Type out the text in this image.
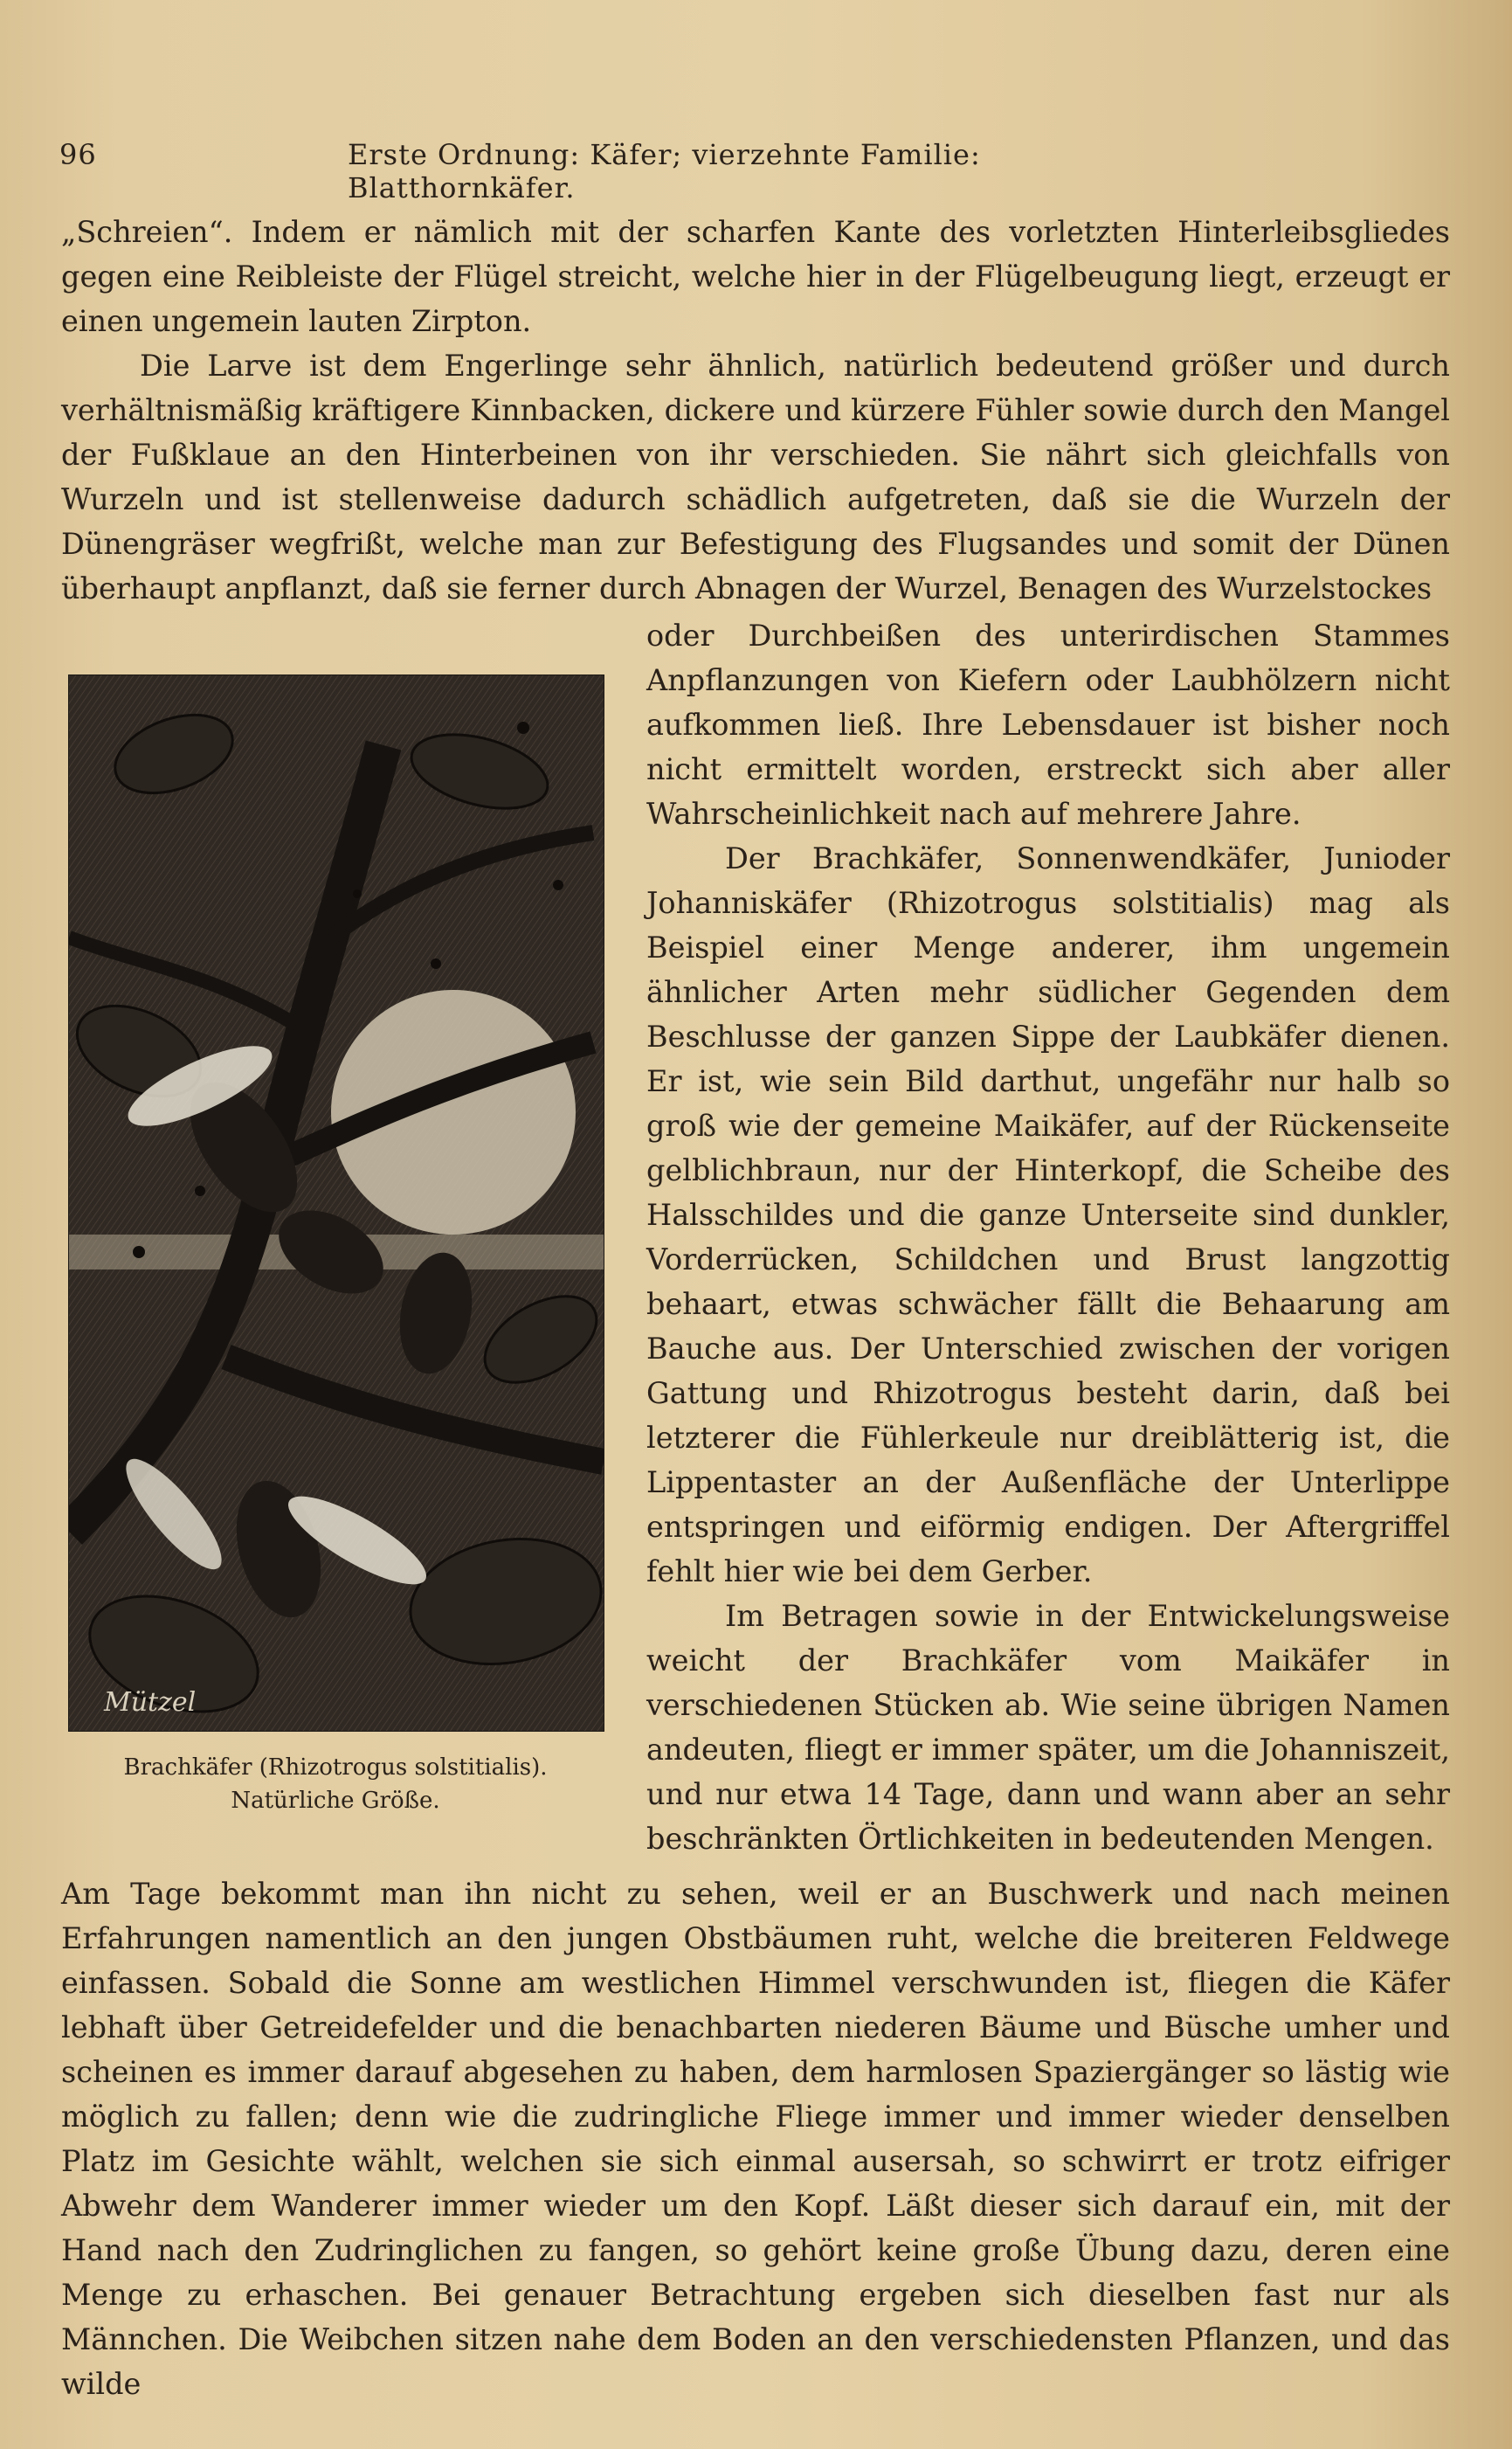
96	Erste Ordnung: Käfer; vierzehnte Familie: Blatthornkäfer.

„Schreien“. Indem er nämlich mit der scharfen Kante des vorletzten Hinterleibsgliedes gegen eine Reibleiste der Flügel streicht, welche hier in der Flügelbeugung liegt, erzeugt er einen ungemein lauten Zirpton.
Die Larve ist dem Engerlinge sehr ähnlich, natürlich bedeutend größer und durch verhältnismäßig kräftigere Kinnbacken, dickere und kürzere Fühler sowie durch den Mangel der Fußklaue an den Hinterbeinen von ihr verschieden. Sie nährt sich gleichfalls von Wurzeln und ist stellenweise dadurch schädlich aufgetreten, daß sie die Wurzeln der Dünengräser wegfrißt, welche man zur Befestigung des Flugsandes und somit der Dünen überhaupt anpflanzt, daß sie ferner durch Abnagen der Wurzel, Benagen des Wurzelstockes

oder Durchbeißen des unterirdischen Stammes Anpflanzungen von Kiefern oder Laubhölzern nicht aufkommen ließ. Ihre Lebensdauer ist bisher noch nicht ermittelt worden, erstreckt sich aber aller Wahrscheinlichkeit nach auf mehrere Jahre.

Der Brachkäfer, Sonnenwendkäfer, Junioder Johanniskäfer (Rhizotrogus solstitialis) mag als Beispiel einer Menge anderer, ihm ungemein ähnlicher Arten mehr südlicher Gegenden dem Beschlusse der ganzen Sippe der Laubkäfer dienen. Er ist, wie sein Bild darthut, ungefähr nur halb so groß wie der gemeine Maikäfer, auf der Rückenseite gelblichbraun, nur der Hinterkopf, die Scheibe des Halsschildes und die ganze Unterseite sind dunkler, Vorderrücken, Schildchen und Brust langzottig behaart, etwas schwächer fällt die Behaarung am Bauche aus. Der Unterschied zwischen der vorigen Gattung und Rhizotrogus besteht darin, daß bei letzterer die Fühlerkeule nur dreiblätterig ist, die Lippentaster an der Außenfläche der Unterlippe entspringen und eiförmig endigen. Der Aftergriffel fehlt hier wie bei dem Gerber.

Im Betragen sowie in der Entwickelungsweise weicht der Brachkäfer vom Maikäfer in verschiedenen Stücken ab. Wie seine übrigen Namen andeuten, fliegt er immer später, um die Johanniszeit, und nur etwa 14 Tage, dann und wann aber an sehr beschränkten Örtlichkeiten in bedeutenden Mengen.

Am Tage bekommt man ihn nicht zu sehen, weil er an Buschwerk und nach meinen Erfahrungen namentlich an den jungen Obstbäumen ruht, welche die breiteren Feldwege einfassen. Sobald die Sonne am westlichen Himmel verschwunden ist, fliegen die Käfer lebhaft über Getreidefelder und die benachbarten niederen Bäume und Büsche umher und scheinen es immer darauf abgesehen zu haben, dem harmlosen Spaziergänger so lästig wie möglich zu fallen; denn wie die zudringliche Fliege immer und immer wieder denselben Platz im Gesichte wählt, welchen sie sich einmal ausersah, so schwirrt er trotz eifriger Abwehr dem Wanderer immer wieder um den Kopf. Läßt dieser sich darauf ein, mit der Hand nach den Zudringlichen zu fangen, so gehört keine große Übung dazu, deren eine Menge zu erhaschen. Bei genauer Betrachtung ergeben sich dieselben fast nur als Männchen. Die Weibchen sitzen nahe dem Boden an den verschiedensten Pflanzen, und das wilde

Mützel
Brachkäfer (Rhizotrogus solstitialis).
Natürliche Größe.
